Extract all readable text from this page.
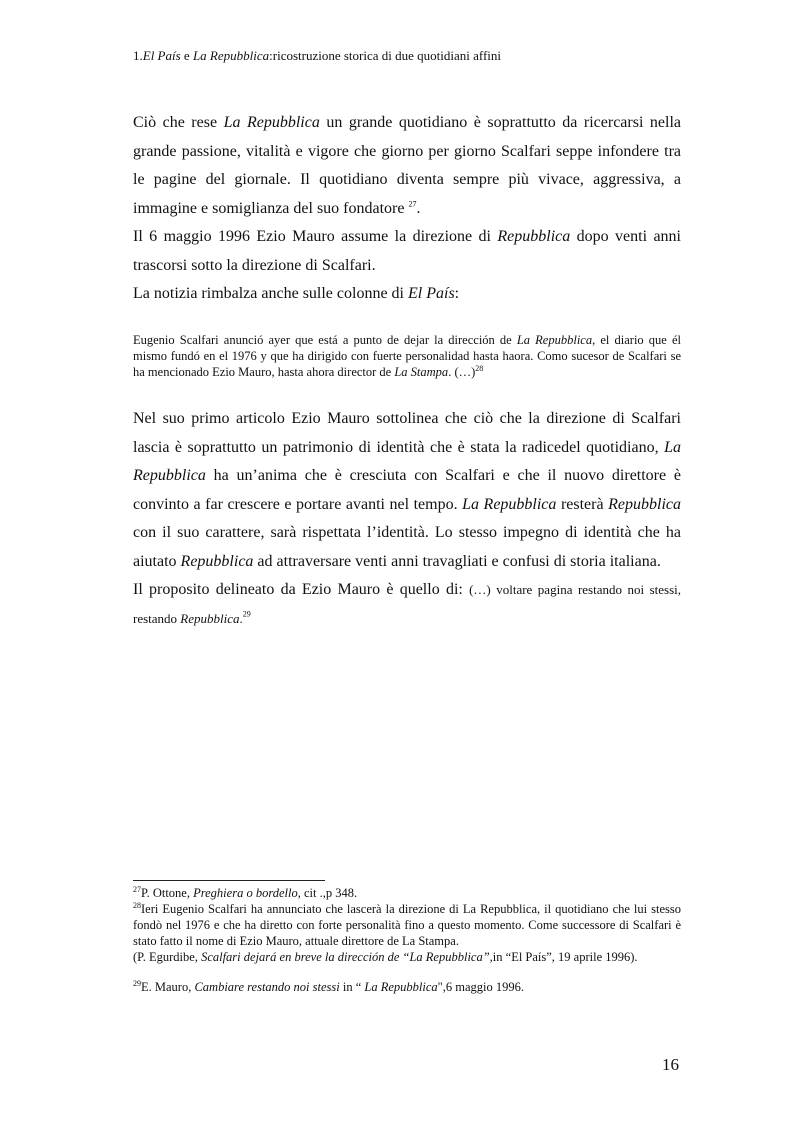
1.El País e La Repubblica:ricostruzione storica di due quotidiani affini

Ciò che rese La Repubblica un grande quotidiano è soprattutto da ricercarsi nella grande passione, vitalità e vigore che giorno per giorno Scalfari seppe infondere tra le pagine del giornale. Il quotidiano diventa sempre più vivace, aggressiva, a immagine e somiglianza del suo fondatore $^{27}$.

Il 6 maggio 1996 Ezio Mauro assume la direzione di Repubblica dopo venti anni trascorsi sotto la direzione di Scalfari.

La notizia rimbalza anche sulle colonne di El País:

Eugenio Scalfari anunció ayer que está a punto de dejar la dirección de La Repubblica, el diario que él mismo fundó en el 1976 y que ha dirigido con fuerte personalidad hasta haora. Como sucesor de Scalfari se ha mencionado Ezio Mauro, hasta ahora director de La Stampa. (…)$^{28}$

Nel suo primo articolo Ezio Mauro sottolinea che ciò che la direzione di Scalfari lascia è soprattutto un patrimonio di identità che è stata la radicedel quotidiano, La Repubblica ha un’anima che è cresciuta con Scalfari e che il nuovo direttore è convinto a far crescere e portare avanti nel tempo. La Repubblica resterà Repubblica con il suo carattere, sarà rispettata l’identità. Lo stesso impegno di identità che ha aiutato Repubblica ad attraversare venti anni travagliati e confusi di storia italiana.

Il proposito delineato da Ezio Mauro è quello di: (…) voltare pagina restando noi stessi, restando Repubblica.$^{29}$

$^{27}$P. Ottone, Preghiera o bordello, cit .,p 348.

$^{28}$Ieri Eugenio Scalfari ha annunciato che lascerà la direzione di La Repubblica, il quotidiano che lui stesso fondò nel 1976 e che ha diretto con forte personalità fino a questo momento. Come successore di Scalfari è stato fatto il nome di Ezio Mauro, attuale direttore de La Stampa.

(P. Egurdibe, Scalfari dejará en breve la dirección de “La Repubblica”,in “El País”, 19 aprile 1996).

$^{29}$E. Mauro, Cambiare restando noi stessi in “ La Repubblica",6 maggio 1996.

16
